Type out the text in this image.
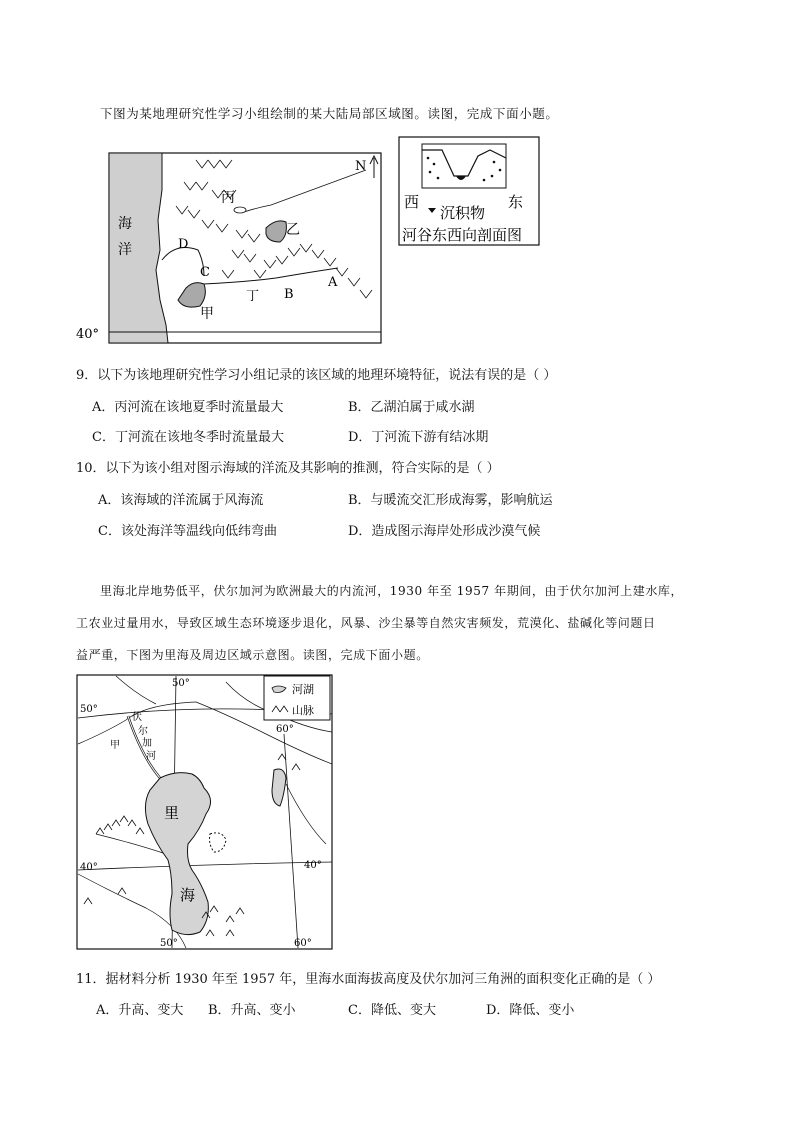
下图为某地理研究性学习小组绘制的某大陆局部区域图。读图，完成下面小题。
海
洋
N
丙
乙
甲
丁
A
B
C
D
40°
西	东
沉积物
河谷东西向剖面图
9．以下为该地理研究性学习小组记录的该区域的地理环境特征，说法有误的是（ ）
A．丙河流在该地夏季时流量最大	B．乙湖泊属于咸水湖
C．丁河流在该地冬季时流量最大	D．丁河流下游有结冰期
10．以下为该小组对图示海域的洋流及其影响的推测，符合实际的是（ ）
A．该海域的洋流属于风海流	B．与暖流交汇形成海雾，影响航运
C．该处海洋等温线向低纬弯曲	D．造成图示海岸处形成沙漠气候
里海北岸地势低平，伏尔加河为欧洲最大的内流河，1930 年至 1957 年期间，由于伏尔加河上建水库，
工农业过量用水，导致区域生态环境逐步退化，风暴、沙尘暴等自然灾害频发，荒漠化、盐碱化等问题日
益严重，下图为里海及周边区域示意图。读图，完成下面小题。
河湖
山脉
50°
50°
60°
60°
50°
40°	40°
甲
伏
尔
加
河
里
海
11．据材料分析 1930 年至 1957 年，里海水面海拔高度及伏尔加河三角洲的面积变化正确的是（ ）
A．升高、变大 B．升高、变小	C．降低、变大	D．降低、变小
